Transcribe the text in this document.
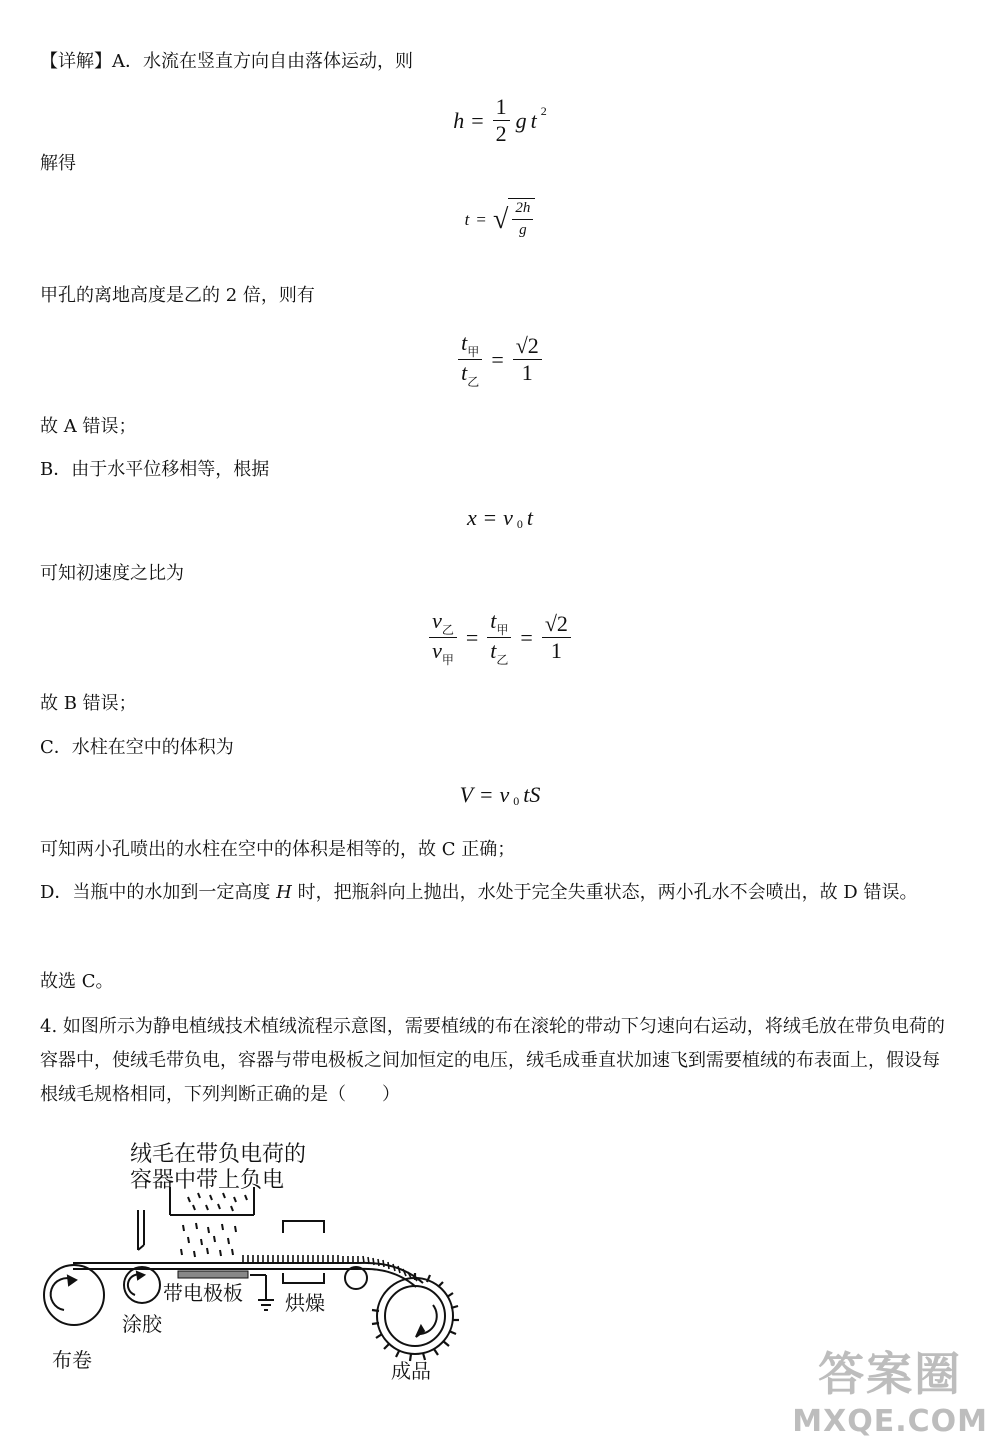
【详解】A．水流在竖直方向自由落体运动，则
$h = \frac{1}{2}$ g t 2
解得
t = √ $\frac{2h}{g}$
甲孔的离地高度是乙的 2 倍，则有
$\frac{t_甲}{t_乙} = \frac{√2}{1}$
故 A 错误；
B．由于水平位移相等，根据
x = v 0 t
可知初速度之比为
$\frac{v_乙}{v_甲} = \frac{t_甲}{t_乙} = \frac{√2}{1}$
故 B 错误；
C．水柱在空中的体积为
V = v 0 tS
可知两小孔喷出的水柱在空中的体积是相等的，故 C 正确；
D．当瓶中的水加到一定高度 H 时，把瓶斜向上抛出，水处于完全失重状态，两小孔水不会喷出，故 D 错误。
故选 C。
4. 如图所示为静电植绒技术植绒流程示意图，需要植绒的布在滚轮的带动下匀速向右运动，将绒毛放在带负电荷的容器中，使绒毛带负电，容器与带电极板之间加恒定的电压，绒毛成垂直状加速飞到需要植绒的布表面上，假设每根绒毛规格相同，下列判断正确的是（　　）
绒毛在带负电荷的
容器中带上负电
布卷
涂胶
带电极板 烘燥
成品	答案圈
MXQE.COM
